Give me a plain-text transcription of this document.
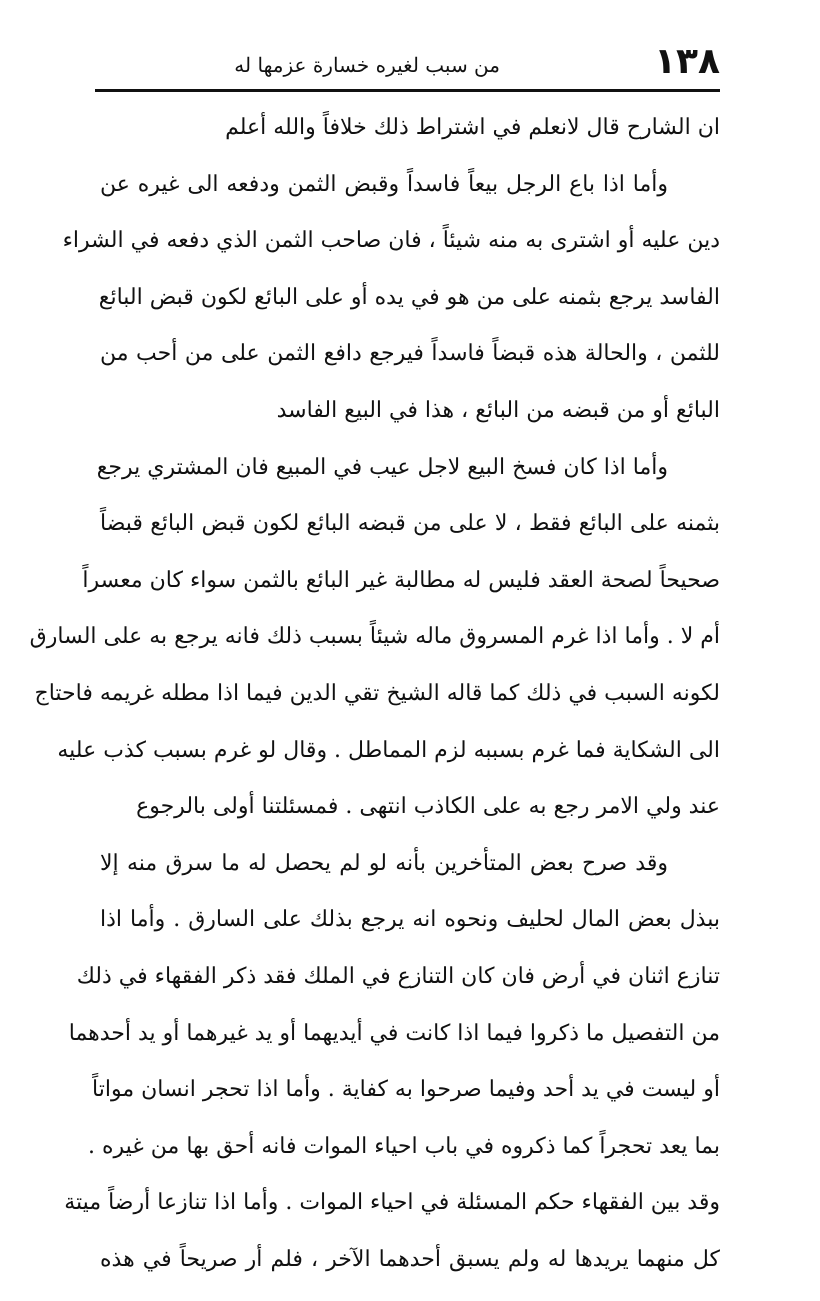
١٣٨
من سبب لغيره خسارة عزمها له
ان الشارح قال لانعلم في اشتراط ذلك خلافاً والله أعلم
وأما اذا باع الرجل بيعاً فاسداً وقبض الثمن ودفعه الى غيره عن
دين عليه أو اشترى به منه شيئاً ، فان صاحب الثمن الذي دفعه في الشراء
الفاسد يرجع بثمنه على من هو في يده أو على البائع لكون قبض البائع
للثمن ، والحالة هذه قبضاً فاسداً فيرجع دافع الثمن على من أحب من
البائع أو من قبضه من البائع ، هذا في البيع الفاسد
وأما اذا كان فسخ البيع لاجل عيب في المبيع فان المشتري يرجع
بثمنه على البائع فقط ، لا على من قبضه البائع لكون قبض البائع قبضاً
صحيحاً لصحة العقد فليس له مطالبة غير البائع بالثمن سواء كان معسراً
أم لا . وأما اذا غرم المسروق ماله شيئاً بسبب ذلك فانه يرجع به على السارق
لكونه السبب في ذلك كما قاله الشيخ تقي الدين فيما اذا مطله غريمه فاحتاج
الى الشكاية فما غرم بسببه لزم المماطل . وقال لو غرم بسبب كذب عليه
عند ولي الامر رجع به على الكاذب انتهى . فمسئلتنا أولى بالرجوع
وقد صرح بعض المتأخرين بأنه لو لم يحصل له ما سرق منه إلا
ببذل بعض المال لحليف ونحوه انه يرجع بذلك على السارق . وأما اذا
تنازع اثنان في أرض فان كان التنازع في الملك فقد ذكر الفقهاء في ذلك
من التفصيل ما ذكروا فيما اذا كانت في أيديهما أو يد غيرهما أو يد أحدهما
أو ليست في يد أحد وفيما صرحوا به كفاية . وأما اذا تحجر انسان مواتاً
بما يعد تحجراً كما ذكروه في باب احياء الموات فانه أحق بها من غيره .
وقد بين الفقهاء حكم المسئلة في احياء الموات . وأما اذا تنازعا أرضاً ميتة
كل منهما يريدها له ولم يسبق أحدهما الآخر ، فلم أر صريحاً في هذه
